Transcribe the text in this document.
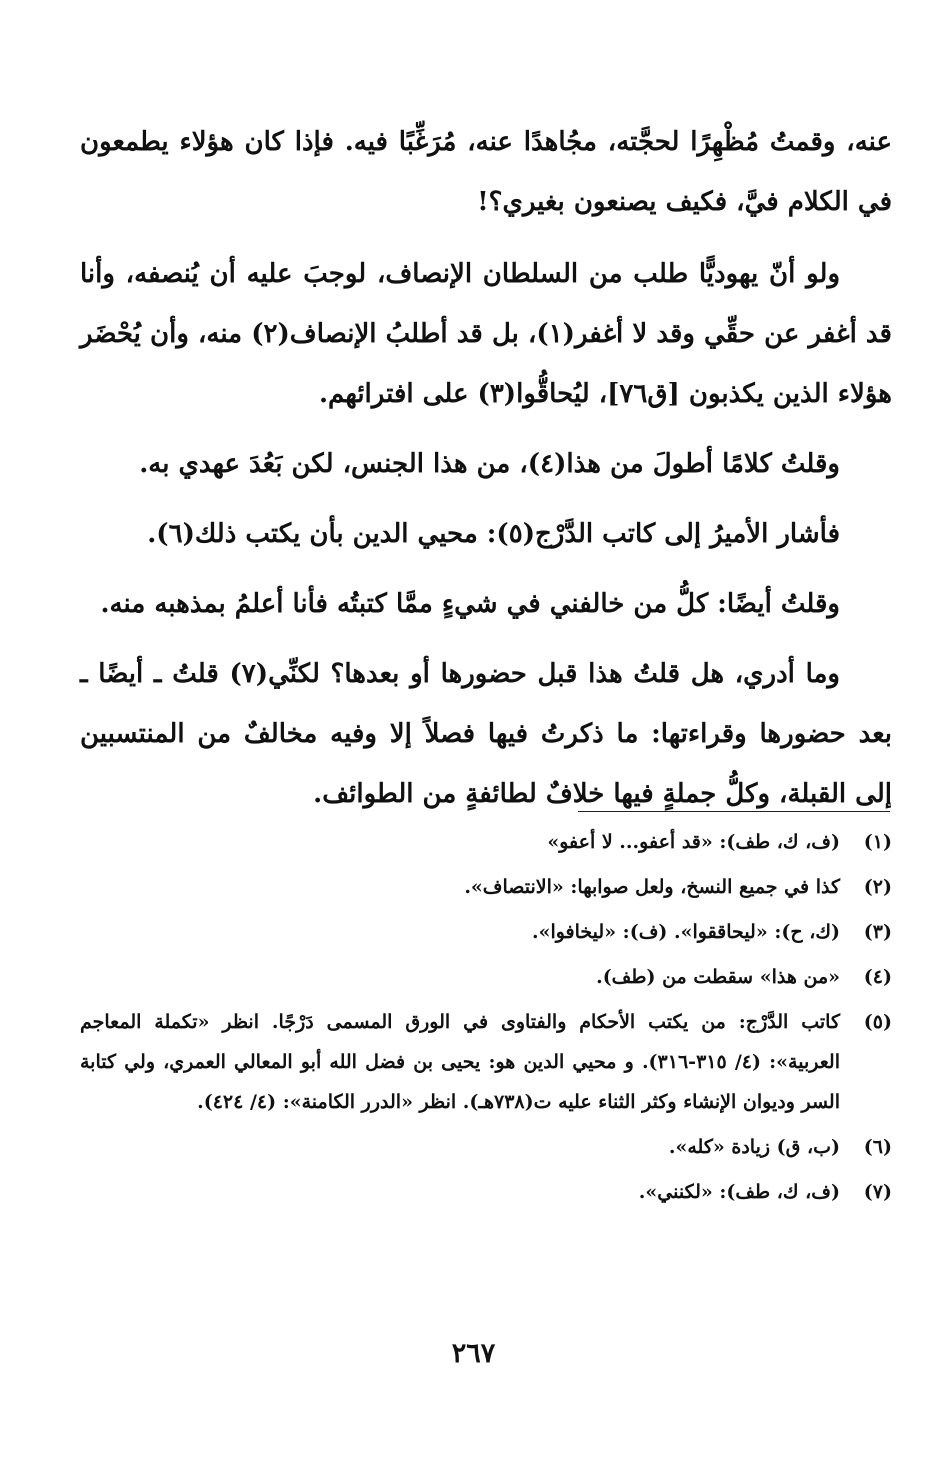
عنه، وقمتُ مُظْهِرًا لحجَّته، مجُاهدًا عنه، مُرَغِّبًا فيه. فإذا كان هؤلاء يطمعون في الكلام فيَّ، فكيف يصنعون بغيري؟!

ولو أنّ يهوديًّا طلب من السلطان الإنصاف، لوجبَ عليه أن يُنصفه، وأنا قد أغفر عن حقِّي وقد لا أغفر(١)، بل قد أطلبُ الإنصاف(٢) منه، وأن يُحْضَر هؤلاء الذين يكذبون [ق٧٦]، ليُحاقُّوا(٣) على افترائهم.

وقلتُ كلامًا أطولَ من هذا(٤)، من هذا الجنس، لكن بَعُدَ عهدي به.

فأشار الأميرُ إلى كاتب الدَّرْج(٥): محيي الدين بأن يكتب ذلك(٦).

وقلتُ أيضًا: كلُّ من خالفني في شيءٍ ممَّا كتبتُه فأنا أعلمُ بمذهبه منه.

وما أدري، هل قلتُ هذا قبل حضورها أو بعدها؟ لكنِّي(٧) قلتُ ـ أيضًا ـ بعد حضورها وقراءتها: ما ذكرتُ فيها فصلاً إلا وفيه مخالفٌ من المنتسبين إلى القبلة، وكلُّ جملةٍ فيها خلافٌ لطائفةٍ من الطوائف.

(١)
(ف، ك، طف): «قد أعفو... لا أعفو»
(٢)
كذا في جميع النسخ، ولعل صوابها: «الانتصاف».
(٣)
(ك، ح): «ليحاققوا». (ف): «ليخافوا».
(٤)
«من هذا» سقطت من (طف).
(٥)
كاتب الدَّرْج: من يكتب الأحكام والفتاوى في الورق المسمى دَرْجًا. انظر «تكملة المعاجم العربية»: (٤/ ٣١٥-٣١٦). و محيي الدين هو: يحيى بن فضل الله أبو المعالي العمري، ولي كتابة السر وديوان الإنشاء وكثر الثناء عليه ت(٧٣٨هـ). انظر «الدرر الكامنة»: (٤/ ٤٢٤).
(٦)
(ب، ق) زيادة «كله».
(٧)
(ف، ك، طف): «لكنني».
٢٦٧
